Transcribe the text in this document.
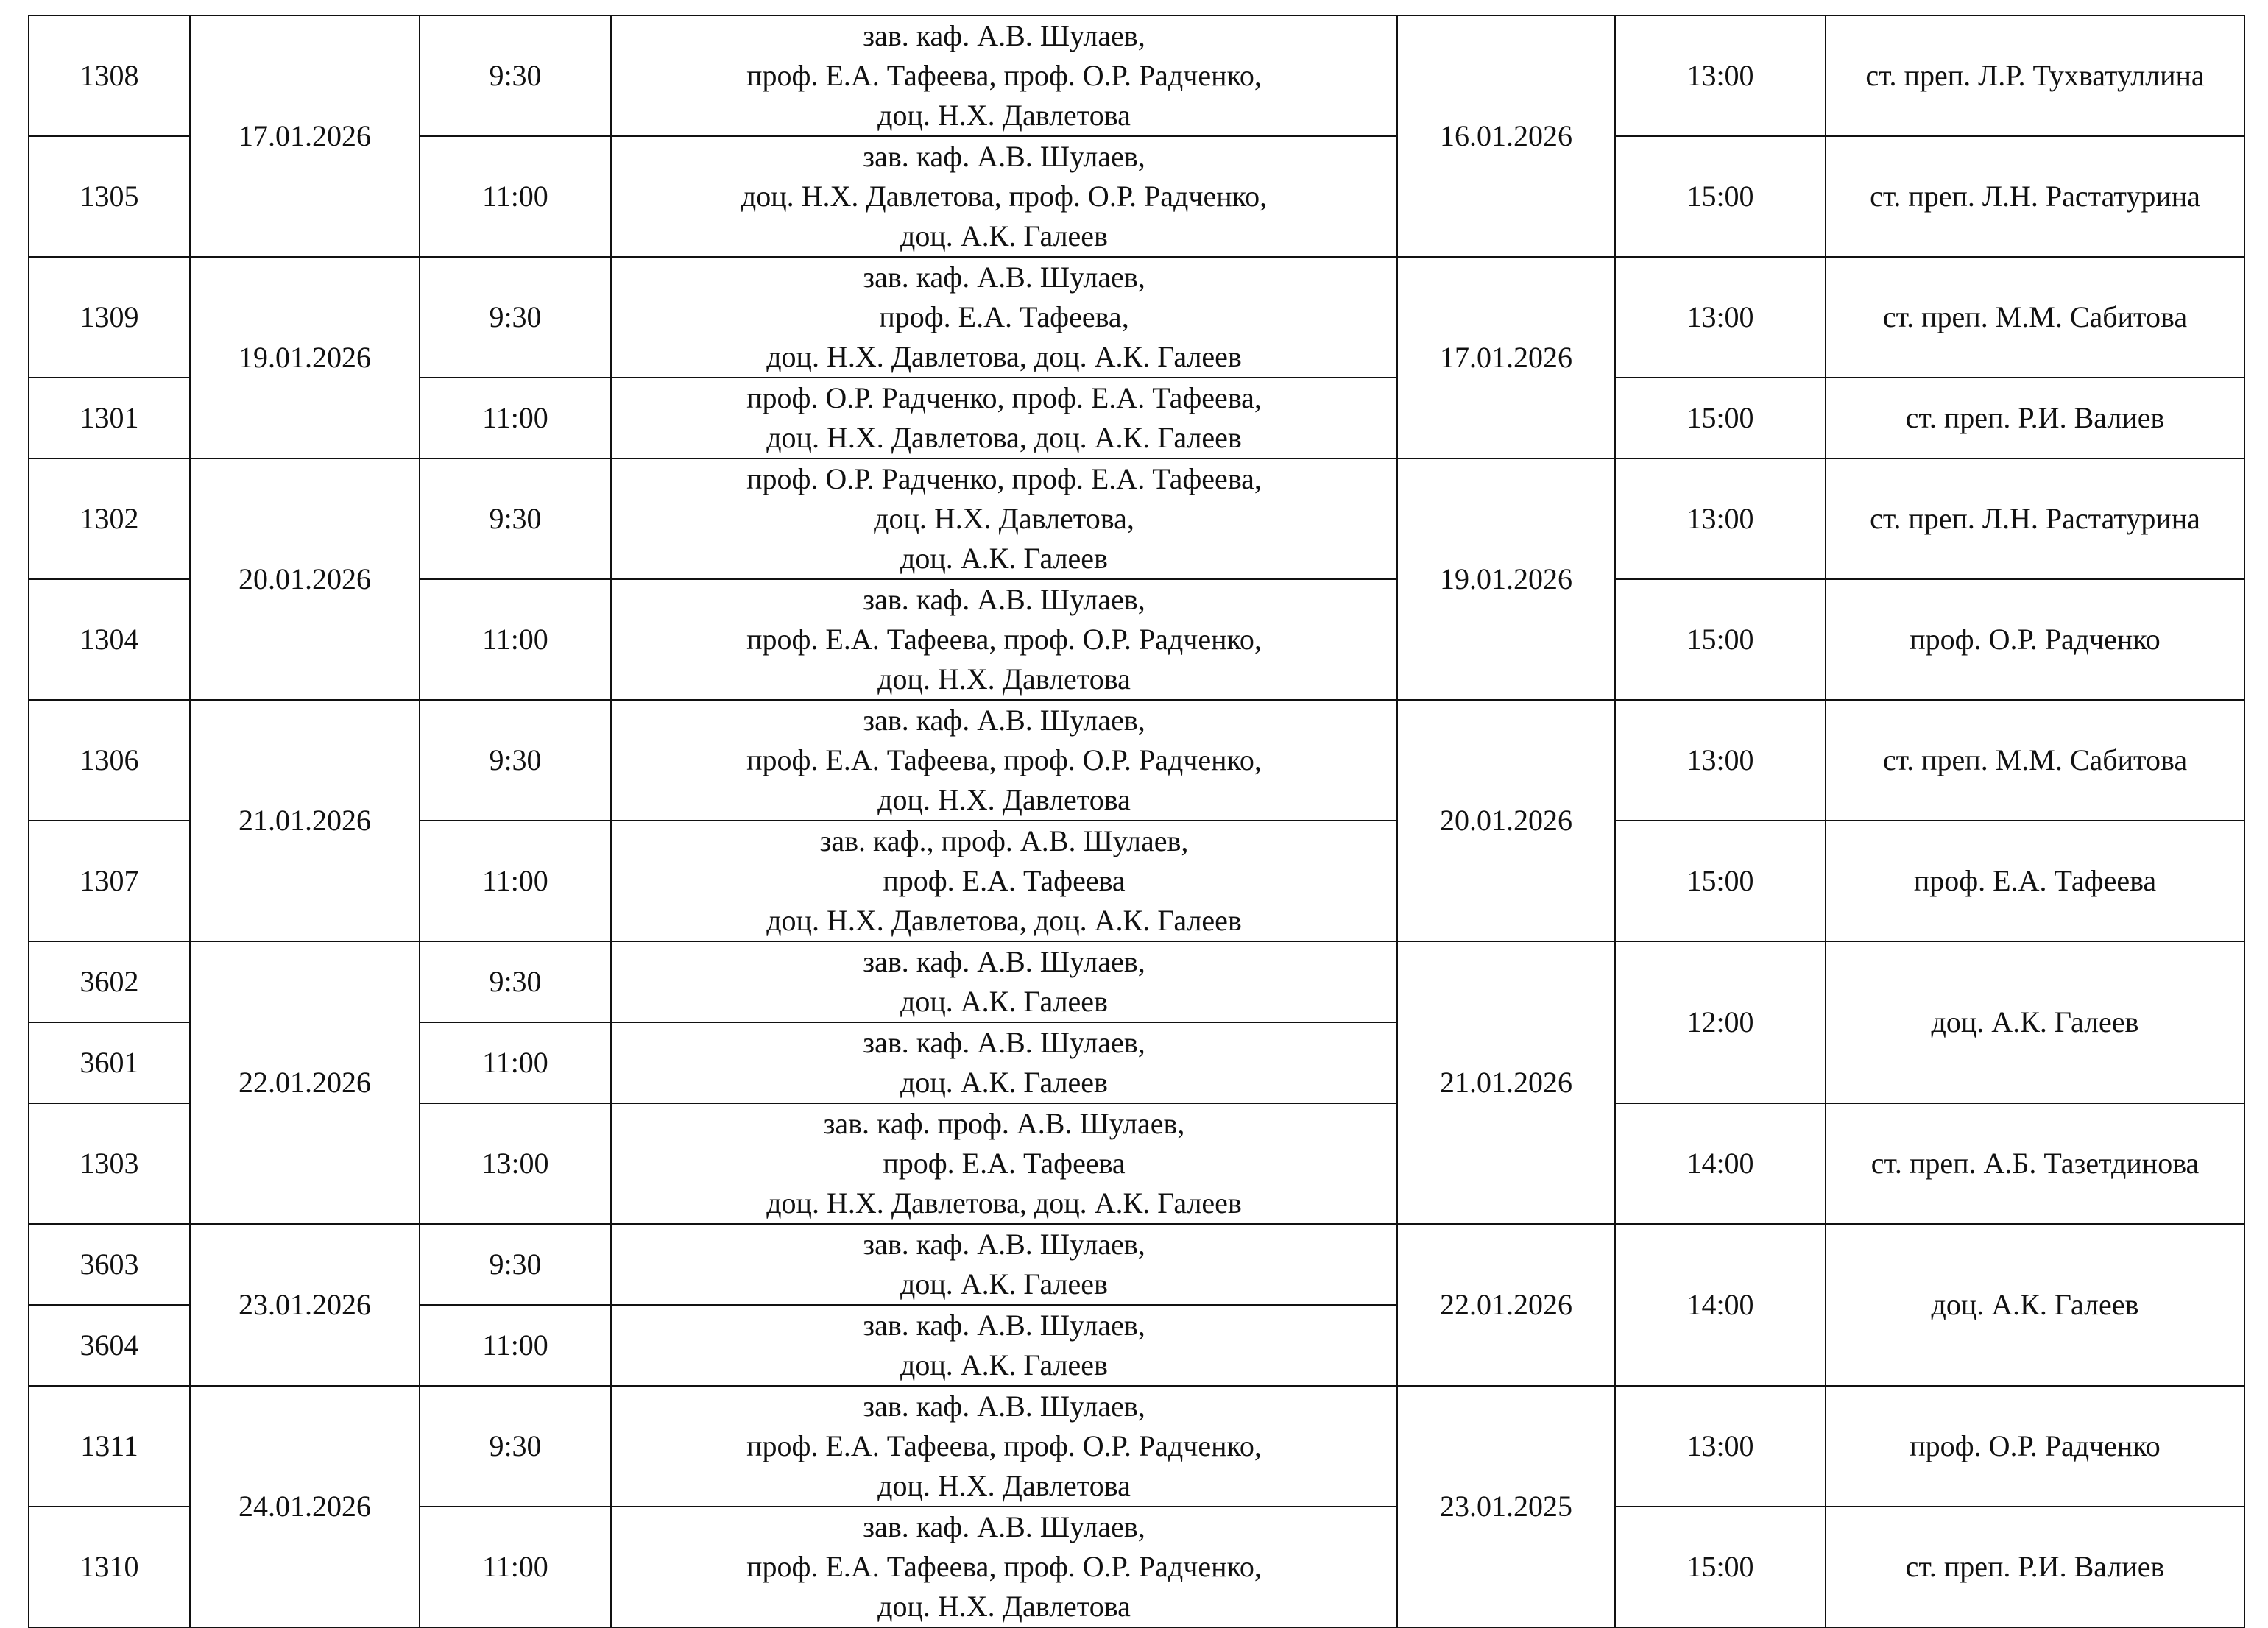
1308	17.01.2026	9:30	зав. каф. А.В. Шулаев,
проф. Е.А. Тафеева, проф. О.Р. Радченко,
доц. Н.Х. Давлетова	16.01.2026	13:00	ст. преп. Л.Р. Тухватуллина
1305		11:00	зав. каф. А.В. Шулаев,
доц. Н.Х. Давлетова, проф. О.Р. Радченко,
доц. А.К. Галеев		15:00	ст. преп. Л.Н. Растатурина
1309	19.01.2026	9:30	зав. каф. А.В. Шулаев,
проф. Е.А. Тафеева,
доц. Н.Х. Давлетова, доц. А.К. Галеев	17.01.2026	13:00	ст. преп. М.М. Сабитова
1301		11:00	проф. О.Р. Радченко, проф. Е.А. Тафеева,
доц. Н.Х. Давлетова, доц. А.К. Галеев		15:00	ст. преп. Р.И. Валиев
1302	20.01.2026	9:30	проф. О.Р. Радченко, проф. Е.А. Тафеева,
доц. Н.Х. Давлетова,
доц. А.К. Галеев	19.01.2026	13:00	ст. преп. Л.Н. Растатурина
1304		11:00	зав. каф. А.В. Шулаев,
проф. Е.А. Тафеева, проф. О.Р. Радченко,
доц. Н.Х. Давлетова		15:00	проф. О.Р. Радченко
1306	21.01.2026	9:30	зав. каф. А.В. Шулаев,
проф. Е.А. Тафеева, проф. О.Р. Радченко,
доц. Н.Х. Давлетова	20.01.2026	13:00	ст. преп. М.М. Сабитова
1307		11:00	зав. каф., проф. А.В. Шулаев,
проф. Е.А. Тафеева
доц. Н.Х. Давлетова, доц. А.К. Галеев		15:00	проф. Е.А. Тафеева
3602	22.01.2026	9:30	зав. каф. А.В. Шулаев,
доц. А.К. Галеев	21.01.2026	12:00	доц. А.К. Галеев
3601		11:00	зав. каф. А.В. Шулаев,
доц. А.К. Галеев			

1303		13:00	зав. каф. проф. А.В. Шулаев,
проф. Е.А. Тафеева
доц. Н.Х. Давлетова, доц. А.К. Галеев		14:00	ст. преп. А.Б. Тазетдинова
3603	23.01.2026	9:30	зав. каф. А.В. Шулаев,
доц. А.К. Галеев	22.01.2026	14:00	доц. А.К. Галеев
3604		11:00	зав. каф. А.В. Шулаев,
доц. А.К. Галеев			

1311	24.01.2026	9:30	зав. каф. А.В. Шулаев,
проф. Е.А. Тафеева, проф. О.Р. Радченко,
доц. Н.Х. Давлетова	23.01.2025	13:00	проф. О.Р. Радченко
1310		11:00	зав. каф. А.В. Шулаев,
проф. Е.А. Тафеева, проф. О.Р. Радченко,
доц. Н.Х. Давлетова		15:00	ст. преп. Р.И. Валиев
